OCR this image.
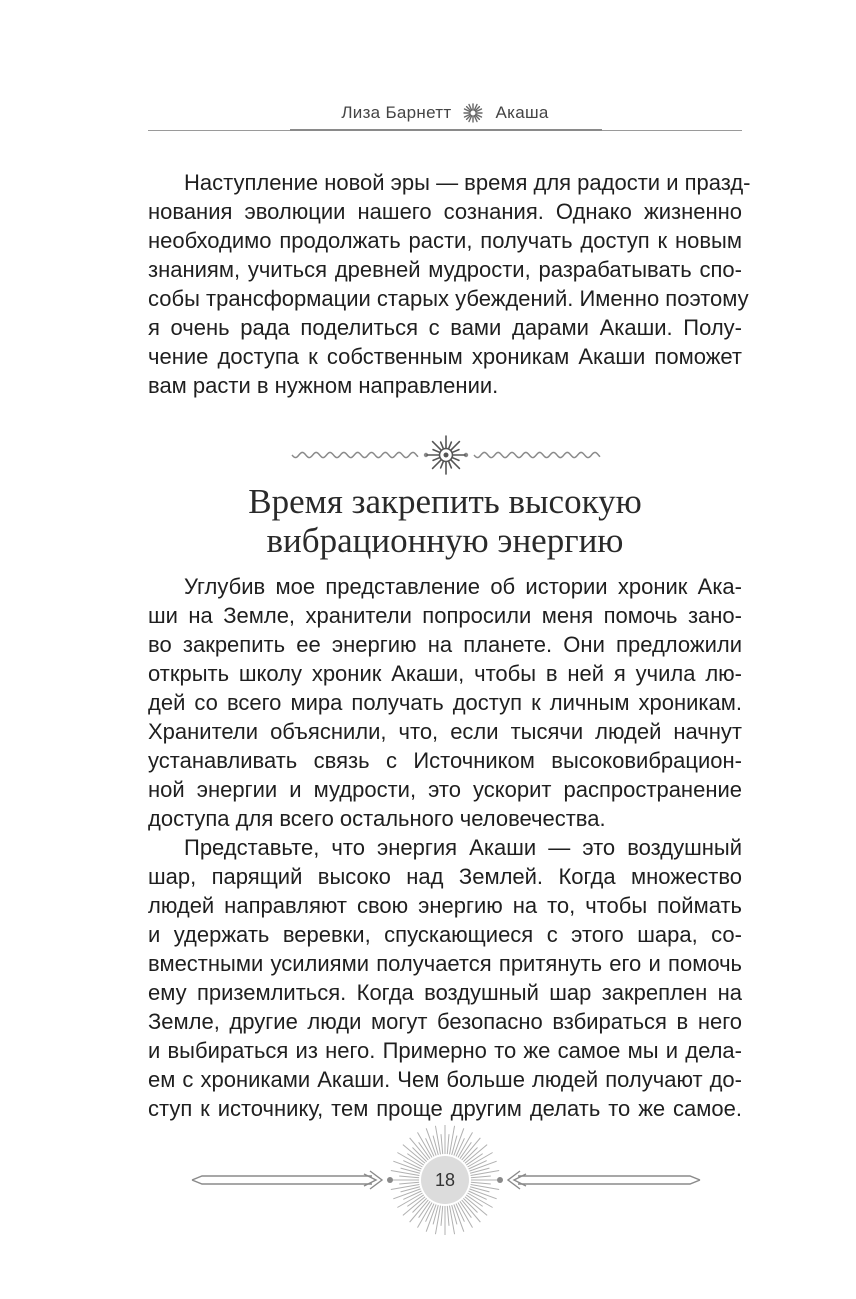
Лиза Барнетт	Акаша
Наступление новой эры — время для радости и празд-
нования эволюции нашего сознания. Однако жизненно
необходимо продолжать расти, получать доступ к новым
знаниям, учиться древней мудрости, разрабатывать спо-
собы трансформации старых убеждений. Именно поэтому
я очень рада поделиться с вами дарами Акаши. Полу-
чение доступа к собственным хроникам Акаши поможет
вам расти в нужном направлении.
Время закрепить высокую
вибрационную энергию
Углубив мое представление об истории хроник Ака-
ши на Земле, хранители попросили меня помочь зано-
во закрепить ее энергию на планете. Они предложили
открыть школу хроник Акаши, чтобы в ней я учила лю-
дей со всего мира получать доступ к личным хроникам.
Хранители объяснили, что, если тысячи людей начнут
устанавливать связь с Источником высоковибрацион-
ной энергии и мудрости, это ускорит распространение
доступа для всего остального человечества.
Представьте, что энергия Акаши — это воздушный
шар, парящий высоко над Землей. Когда множество
людей направляют свою энергию на то, чтобы поймать
и удержать веревки, спускающиеся с этого шара, со-
вместными усилиями получается притянуть его и помочь
ему приземлиться. Когда воздушный шар закреплен на
Земле, другие люди могут безопасно взбираться в него
и выбираться из него. Примерно то же самое мы и дела-
ем с хрониками Акаши. Чем больше людей получают до-
ступ к источнику, тем проще другим делать то же самое.
18
